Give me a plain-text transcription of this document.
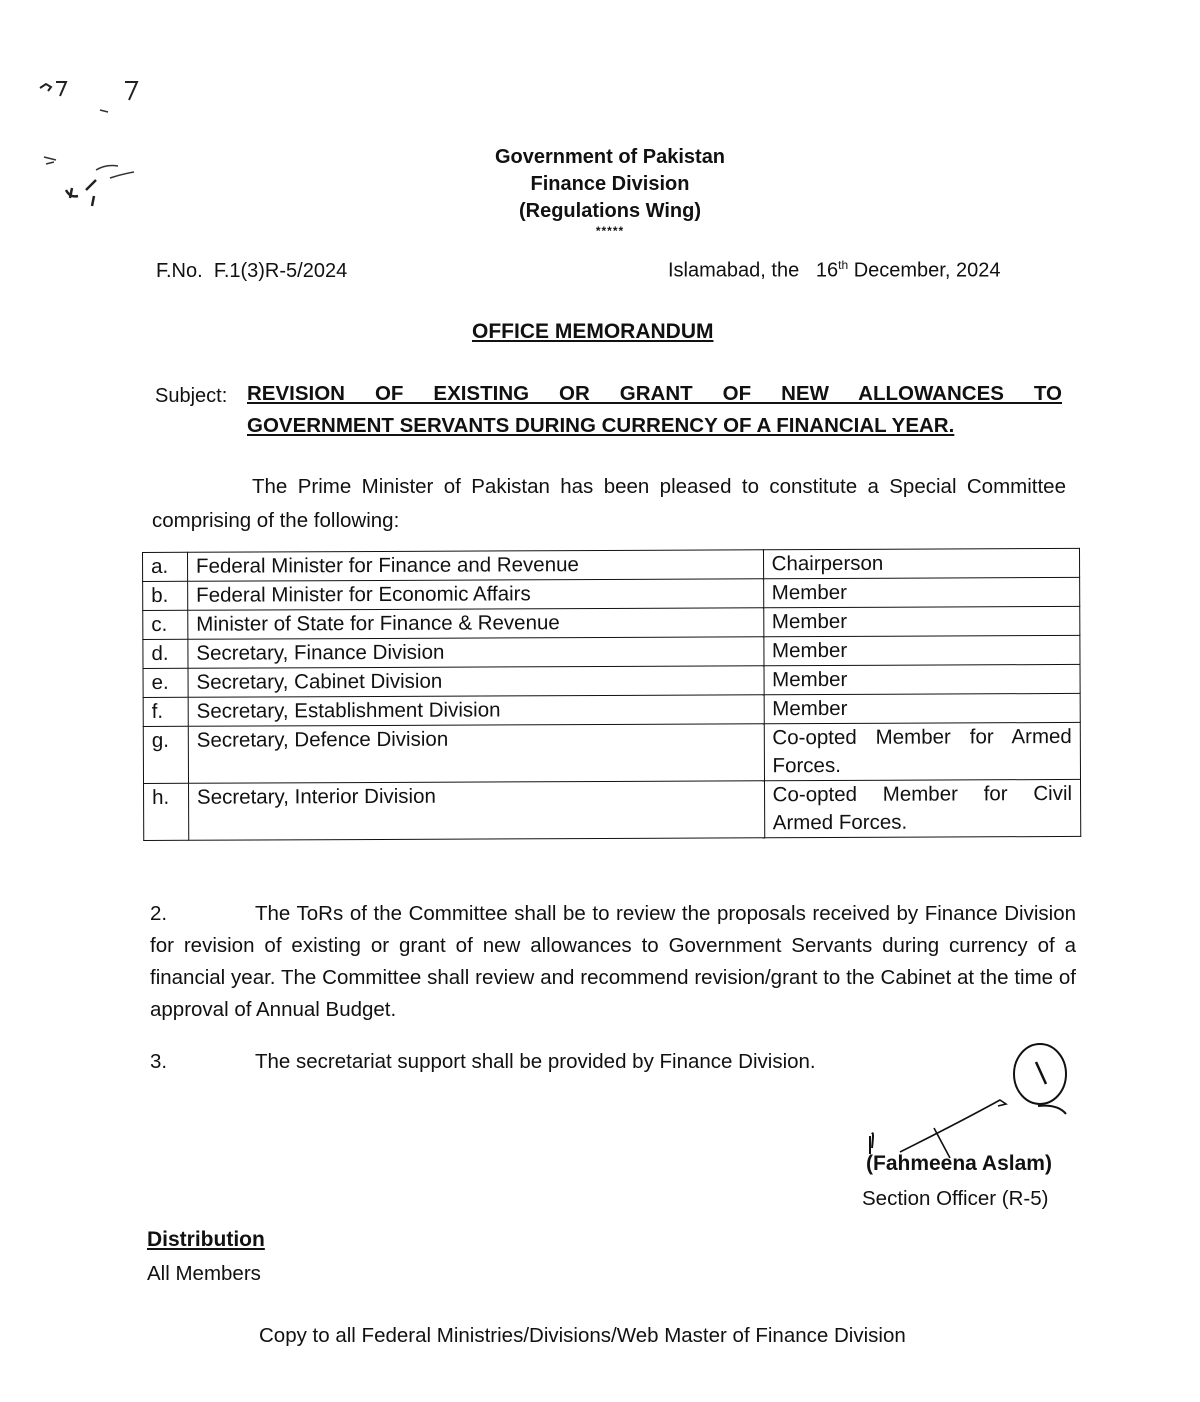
Government of Pakistan
Finance Division
(Regulations Wing)
*****
F.No. F.1(3)R-5/2024	Islamabad, the 16th December, 2024
OFFICE MEMORANDUM
Subject: REVISION OF EXISTING OR GRANT OF NEW ALLOWANCES TO
GOVERNMENT SERVANTS DURING CURRENCY OF A FINANCIAL YEAR.
The Prime Minister of Pakistan has been pleased to constitute a Special Committee comprising of the following:
a.	Federal Minister for Finance and Revenue	Chairperson
b.	Federal Minister for Economic Affairs	Member
c.	Minister of State for Finance & Revenue	Member
d.	Secretary, Finance Division	Member
e.	Secretary, Cabinet Division	Member
f.	Secretary, Establishment Division	Member
g.	Secretary, Defence Division	Co-opted Member for Armed Forces.
h.	Secretary, Interior Division	Co-opted Member for Civil Armed Forces.
2.	The ToRs of the Committee shall be to review the proposals received by Finance Division for revision of existing or grant of new allowances to Government Servants during currency of a financial year. The Committee shall review and recommend revision/grant to the Cabinet at the time of approval of Annual Budget.
3.	The secretariat support shall be provided by Finance Division.
(Fahmeena Aslam)
Section Officer (R-5)
Distribution
All Members
Copy to all Federal Ministries/Divisions/Web Master of Finance Division
